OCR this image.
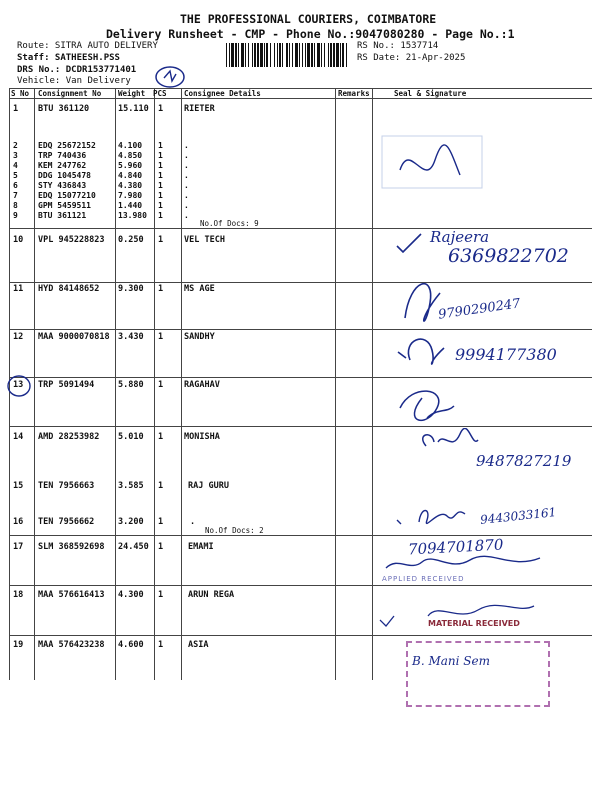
THE PROFESSIONAL COURIERS, COIMBATORE
Delivery Runsheet - CMP - Phone No.:9047080280 - Page No.:1
Route: SITRA AUTO DELIVERY
Staff: SATHEESH.PSS
DRS No.: DCDR153771401
Vehicle: Van Delivery
RS No.: 1537714
RS Date: 21-Apr-2025
S No Consignment No Weight PCS Consignee Details	Remarks	Seal & Signature
1 BTU 361120	15.110 1 RIETER
2	EDQ 25672152	4.100 1	.
3	TRP 740436	4.850 1	.
4	KEM 247762	5.960 1	.
5	DDG 1045478	4.840 1	.
6	STY 436843	4.380 1	.
7	EDQ 15077210	7.980 1	.
8	GPM 5459511	1.440 1	.
9	BTU 361121	13.980 1	.
No.Of Docs: 9
10 VPL 945228823 0.250 1 VEL TECH
11 HYD 84148652 9.300 1 MS AGE
12 MAA 9000070818 3.430 1 SANDHY
13 TRP 5091494	5.880 1 RAGAHAV
14 AMD 28253982 5.010 1 MONISHA
15 TEN 7956663	3.585 1	RAJ GURU
16 TEN 7956662	3.200 1	.
No.Of Docs: 2
17 SLM 368592698 24.450 1	EMAMI
18 MAA 576616413 4.300 1	ARUN REGA
19 MAA 576423238 4.600 1	ASIA
Rajeera
6369822702
9790290247
9994177380
9487827219
9443033161
7094701870
APPLIED RECEIVED
MATERIAL RECEIVED
B. Mani Sem
